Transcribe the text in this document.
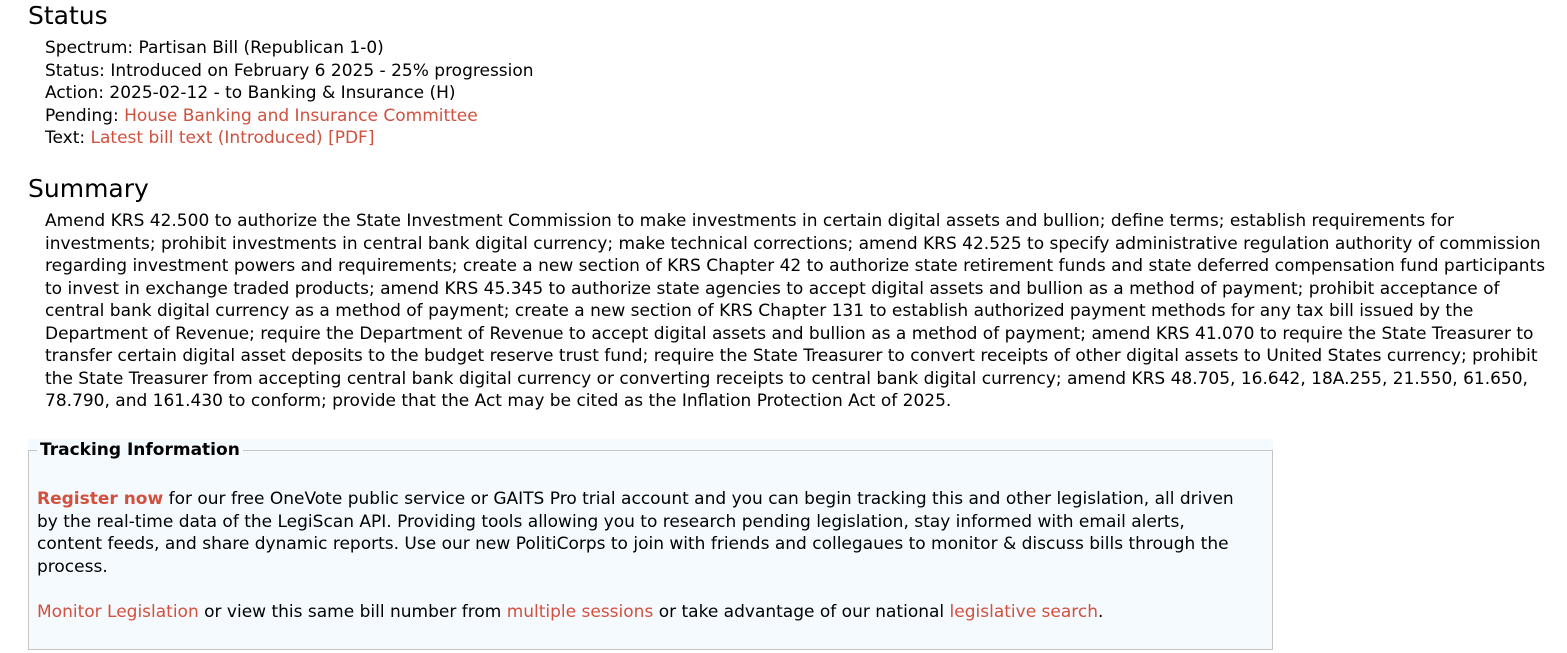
Status
Spectrum: Partisan Bill (Republican 1-0)
Status: Introduced on February 6 2025 - 25% progression
Action: 2025-02-12 - to Banking & Insurance (H)
Pending: House Banking and Insurance Committee
Text: Latest bill text (Introduced) [PDF]
Summary
Amend KRS 42.500 to authorize the State Investment Commission to make investments in certain digital assets and bullion; define terms; establish requirements for investments; prohibit investments in central bank digital currency; make technical corrections; amend KRS 42.525 to specify administrative regulation authority of commission regarding investment powers and requirements; create a new section of KRS Chapter 42 to authorize state retirement funds and state deferred compensation fund participants to invest in exchange traded products; amend KRS 45.345 to authorize state agencies to accept digital assets and bullion as a method of payment; prohibit acceptance of central bank digital currency as a method of payment; create a new section of KRS Chapter 131 to establish authorized payment methods for any tax bill issued by the Department of Revenue; require the Department of Revenue to accept digital assets and bullion as a method of payment; amend KRS 41.070 to require the State Treasurer to transfer certain digital asset deposits to the budget reserve trust fund; require the State Treasurer to convert receipts of other digital assets to United States currency; prohibit the State Treasurer from accepting central bank digital currency or converting receipts to central bank digital currency; amend KRS 48.705, 16.642, 18A.255, 21.550, 61.650, 78.790, and 161.430 to conform; provide that the Act may be cited as the Inflation Protection Act of 2025.
Tracking Information
Register now for our free OneVote public service or GAITS Pro trial account and you can begin tracking this and other legislation, all driven by the real-time data of the LegiScan API. Providing tools allowing you to research pending legislation, stay informed with email alerts, content feeds, and share dynamic reports. Use our new PolitiCorps to join with friends and collegaues to monitor & discuss bills through the process.
Monitor Legislation or view this same bill number from multiple sessions or take advantage of our national legislative search.
